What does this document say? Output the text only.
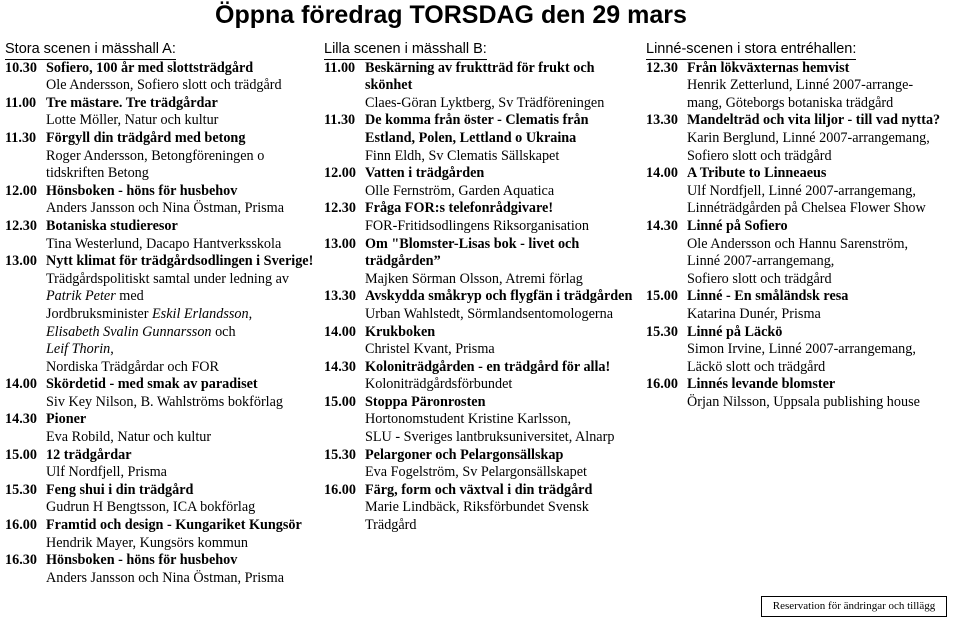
Öppna föredrag TORSDAG den 29 mars
Stora scenen i mässhall A:
10.30 Sofiero, 100 år med slottsträdgård
Ole Andersson, Sofiero slott och trädgård
11.00 Tre mästare. Tre trädgårdar
Lotte Möller, Natur och kultur
11.30 Förgyll din trädgård med betong
Roger Andersson, Betongföreningen o
tidskriften Betong
12.00 Hönsboken - höns för husbehov
Anders Jansson och Nina Östman, Prisma
12.30 Botaniska studieresor
Tina Westerlund, Dacapo Hantverksskola
13.00 Nytt klimat för trädgårdsodlingen i Sverige!
Trädgårdspolitiskt samtal under ledning av
Patrik Peter med
Jordbruksminister Eskil Erlandsson,
Elisabeth Svalin Gunnarsson och
Leif Thorin,
Nordiska Trädgårdar och FOR
14.00 Skördetid - med smak av paradiset
Siv Key Nilson, B. Wahlströms bokförlag
14.30 Pioner
Eva Robild, Natur och kultur
15.00 12 trädgårdar
Ulf Nordfjell, Prisma
15.30 Feng shui i din trädgård
Gudrun H Bengtsson, ICA bokförlag
16.00 Framtid och design - Kungariket Kungsör
Hendrik Mayer, Kungsörs kommun
16.30 Hönsboken - höns för husbehov
Anders Jansson och Nina Östman, Prisma
Lilla scenen i mässhall B:
11.00 Beskärning av fruktträd för frukt och skönhet
Claes-Göran Lyktberg, Sv Trädföreningen
11.30 De komma från öster - Clematis från Estland, Polen, Lettland o Ukraina
Finn Eldh, Sv Clematis Sällskapet
12.00 Vatten i trädgården
Olle Fernström, Garden Aquatica
12.30 Fråga FOR:s telefonrådgivare!
FOR-Fritidsodlingens Riksorganisation
13.00 Om "Blomster-Lisas bok - livet och trädgården”
Majken Sörman Olsson, Atremi förlag
13.30 Avskydda småkryp och flygfän i trädgården
Urban Wahlstedt, Sörmlandsentomologerna
14.00 Krukboken
Christel Kvant, Prisma
14.30 Koloniträdgården - en trädgård för alla!
Koloniträdgårdsförbundet
15.00 Stoppa Päronrosten
Hortonomstudent Kristine Karlsson,
SLU - Sveriges lantbruksuniversitet, Alnarp
15.30 Pelargoner och Pelargonsällskap
Eva Fogelström, Sv Pelargonsällskapet
16.00 Färg, form och växtval i din trädgård
Marie Lindbäck, Riksförbundet Svensk
Trädgård
Linné-scenen i stora entréhallen:
12.30 Från lökväxternas hemvist
Henrik Zetterlund, Linné 2007-arrange-
mang, Göteborgs botaniska trädgård
13.30 Mandelträd och vita liljor - till vad nytta?
Karin Berglund, Linné 2007-arrangemang,
Sofiero slott och trädgård
14.00 A Tribute to Linneaeus
Ulf Nordfjell, Linné 2007-arrangemang,
Linnéträdgården på Chelsea Flower Show
14.30 Linné på Sofiero
Ole Andersson och Hannu Sarenström,
Linné 2007-arrangemang,
Sofiero slott och trädgård
15.00 Linné - En småländsk resa
Katarina Dunér, Prisma
15.30 Linné på Läckö
Simon Irvine, Linné 2007-arrangemang,
Läckö slott och trädgård
16.00 Linnés levande blomster
Örjan Nilsson, Uppsala publishing house
Reservation för ändringar och tillägg
